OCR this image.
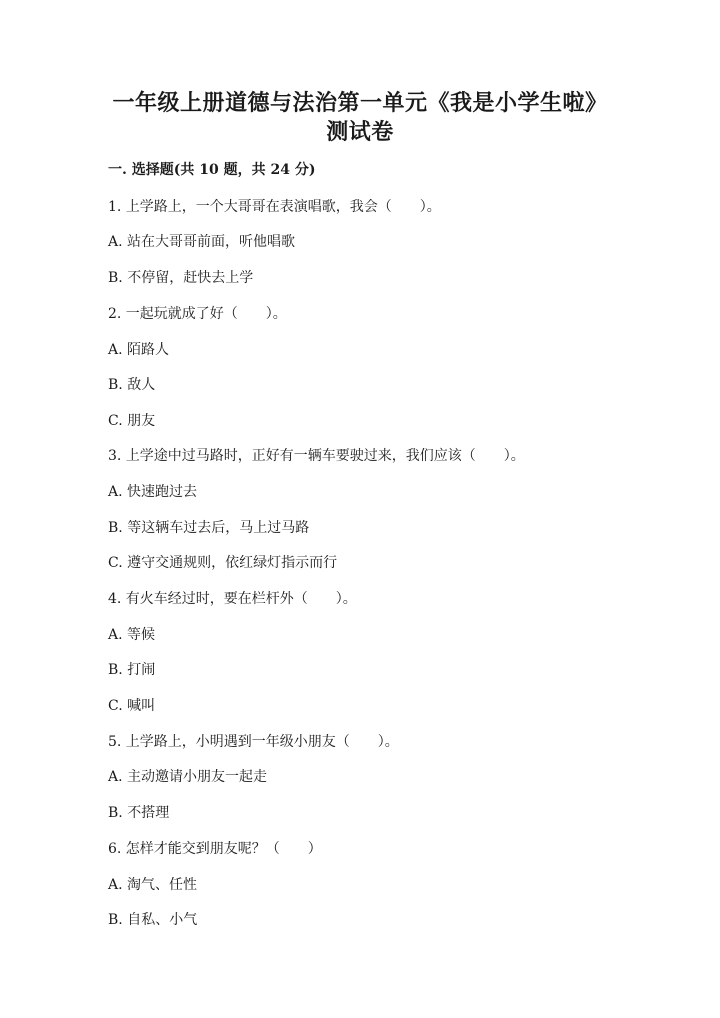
一年级上册道德与法治第一单元《我是小学生啦》
测试卷
一. 选择题(共 10 题，共 24 分)
1. 上学路上，一个大哥哥在表演唱歌，我会（　　）。
A. 站在大哥哥前面，听他唱歌
B. 不停留，赶快去上学
2. 一起玩就成了好（　　）。
A. 陌路人
B. 敌人
C. 朋友
3. 上学途中过马路时，正好有一辆车要驶过来，我们应该（　　）。
A. 快速跑过去
B. 等这辆车过去后，马上过马路
C. 遵守交通规则，依红绿灯指示而行
4. 有火车经过时，要在栏杆外（　　）。
A. 等候
B. 打闹
C. 喊叫
5. 上学路上，小明遇到一年级小朋友（　　）。
A. 主动邀请小朋友一起走
B. 不搭理
6. 怎样才能交到朋友呢？（　　）
A. 淘气、任性
B. 自私、小气
